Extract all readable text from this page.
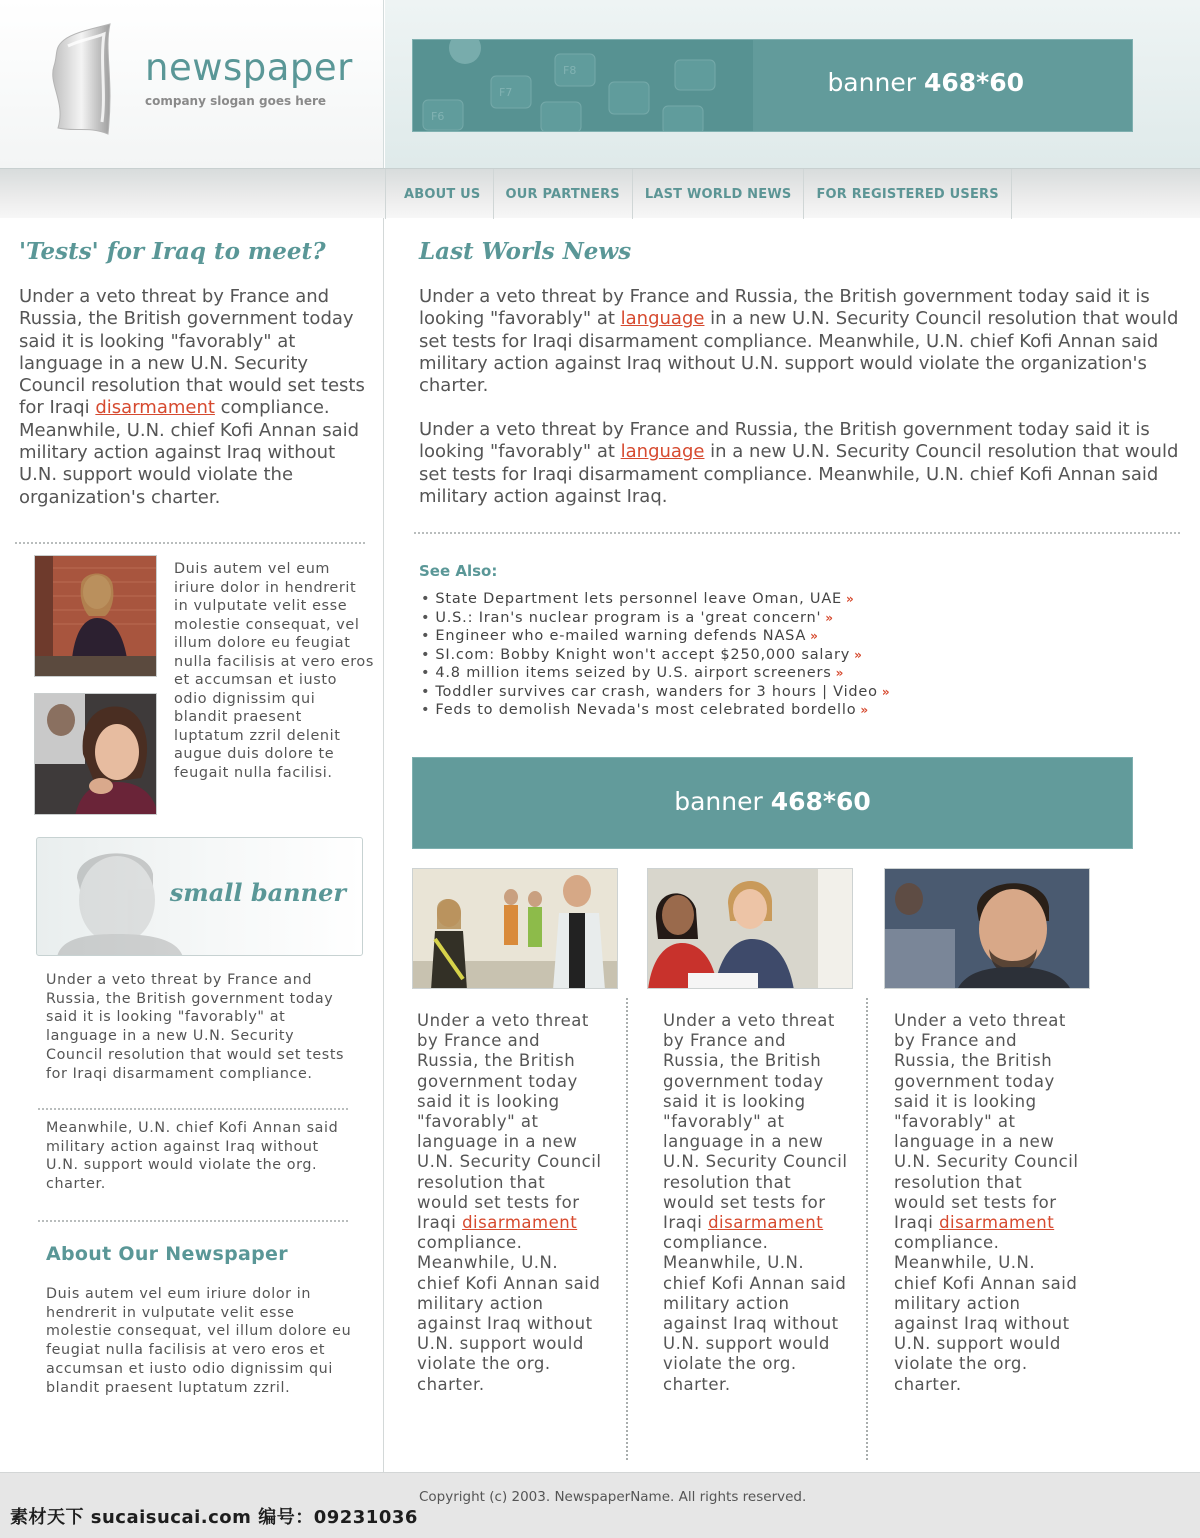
newspaper
company slogan goes here
F6
F7
F8	banner 468*60
ABOUT US	OUR PARTNERS	LAST WORLD NEWS	FOR REGISTERED USERS
'Tests' for Iraq to meet?
Under a veto threat by France and Russia, the British government today said it is looking "favorably" at language in a new U.N. Security Council resolution that would set tests for Iraqi disarmament compliance. Meanwhile, U.N. chief Kofi Annan said military action against Iraq without U.N. support would violate the organization's charter.
Duis autem vel eum iriure dolor in hendrerit in vulputate velit esse molestie consequat, vel illum dolore eu feugiat nulla facilisis at vero eros et accumsan et iusto odio dignissim qui blandit praesent luptatum zzril delenit augue duis dolore te feugait nulla facilisi.
small banner
Under a veto threat by France and Russia, the British government today said it is looking "favorably" at language in a new U.N. Security Council resolution that would set tests for Iraqi disarmament compliance.
Meanwhile, U.N. chief Kofi Annan said military action against Iraq without U.N. support would violate the org. charter.
About Our Newspaper
Duis autem vel eum iriure dolor in hendrerit in vulputate velit esse molestie consequat, vel illum dolore eu feugiat nulla facilisis at vero eros et accumsan et iusto odio dignissim qui blandit praesent luptatum zzril.
Last Worls News
Under a veto threat by France and Russia, the British government today said it is looking "favorably" at language in a new U.N. Security Council resolution that would set tests for Iraqi disarmament compliance. Meanwhile, U.N. chief Kofi Annan said military action against Iraq without U.N. support would violate the organization's charter.
Under a veto threat by France and Russia, the British government today said it is looking "favorably" at language in a new U.N. Security Council resolution that would set tests for Iraqi disarmament compliance. Meanwhile, U.N. chief Kofi Annan said military action against Iraq.
See Also:
• State Department lets personnel leave Oman, UAE »
• U.S.: Iran's nuclear program is a 'great concern' »
• Engineer who e-mailed warning defends NASA »
• SI.com: Bobby Knight won't accept $250,000 salary »
• 4.8 million items seized by U.S. airport screeners »
• Toddler survives car crash, wanders for 3 hours | Video »
• Feds to demolish Nevada's most celebrated bordello »
banner 468*60
Under a veto threat by France and Russia, the British government today said it is looking "favorably" at language in a new U.N. Security Council resolution that would set tests for Iraqi disarmament compliance. Meanwhile, U.N. chief Kofi Annan said military action against Iraq without U.N. support would violate the org. charter.
Under a veto threat by France and Russia, the British government today said it is looking "favorably" at language in a new U.N. Security Council resolution that would set tests for Iraqi disarmament compliance. Meanwhile, U.N. chief Kofi Annan said military action against Iraq without U.N. support would violate the org. charter.
Under a veto threat by France and Russia, the British government today said it is looking "favorably" at language in a new U.N. Security Council resolution that would set tests for Iraqi disarmament compliance. Meanwhile, U.N. chief Kofi Annan said military action against Iraq without U.N. support would violate the org. charter.
Copyright (c) 2003. NewspaperName. All rights reserved.
素材天下 sucaisucai.com 编号：09231036
